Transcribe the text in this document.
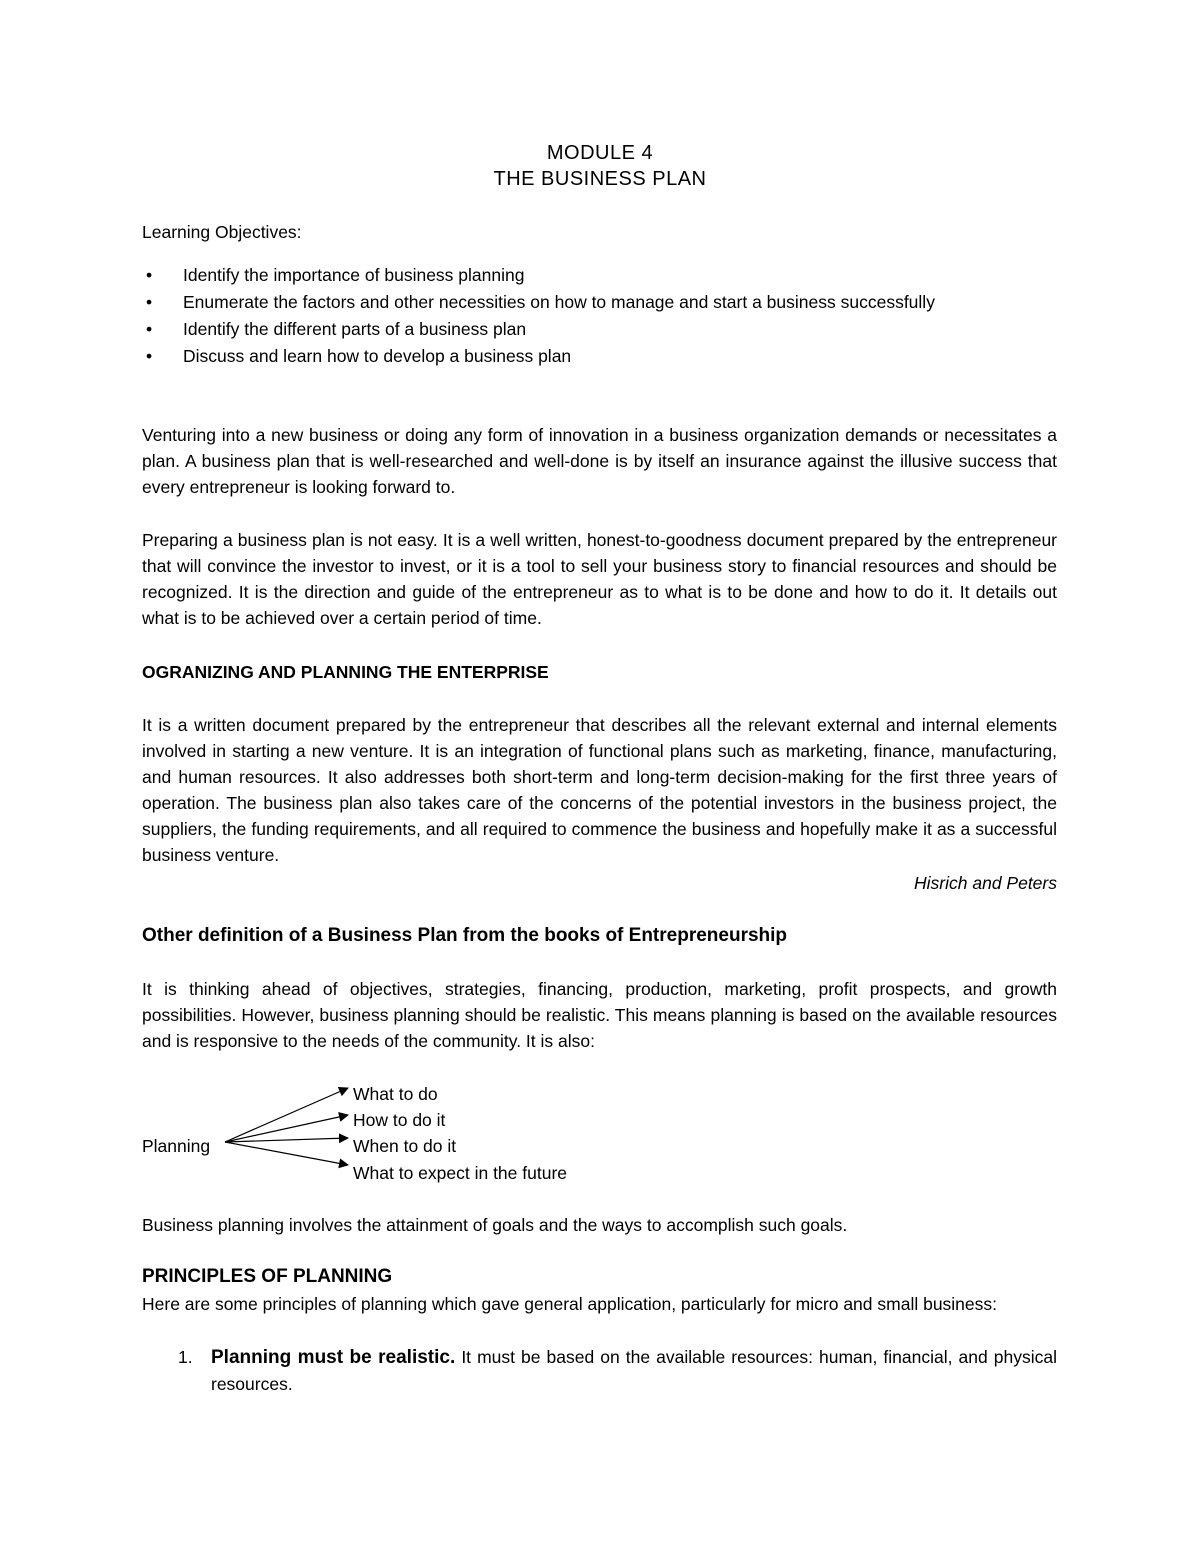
MODULE 4
THE BUSINESS PLAN
Learning Objectives:
• Identify the importance of business planning
• Enumerate the factors and other necessities on how to manage and start a business successfully
• Identify the different parts of a business plan
• Discuss and learn how to develop a business plan

Venturing into a new business or doing any form of innovation in a business organization demands or necessitates a plan. A business plan that is well-researched and well-done is by itself an insurance against the illusive success that every entrepreneur is looking forward to.

Preparing a business plan is not easy. It is a well written, honest-to-goodness document prepared by the entrepreneur that will convince the investor to invest, or it is a tool to sell your business story to financial resources and should be recognized. It is the direction and guide of the entrepreneur as to what is to be done and how to do it. It details out what is to be achieved over a certain period of time.

OGRANIZING AND PLANNING THE ENTERPRISE

It is a written document prepared by the entrepreneur that describes all the relevant external and internal elements involved in starting a new venture. It is an integration of functional plans such as marketing, finance, manufacturing, and human resources. It also addresses both short-term and long-term decision-making for the first three years of operation. The business plan also takes care of the concerns of the potential investors in the business project, the suppliers, the funding requirements, and all required to commence the business and hopefully make it as a successful business venture.

Hisrich and Peters
Other definition of a Business Plan from the books of Entrepreneurship

It is thinking ahead of objectives, strategies, financing, production, marketing, profit prospects, and growth possibilities. However, business planning should be realistic. This means planning is based on the available resources and is responsive to the needs of the community. It is also:

Planning
What to do
How to do it
When to do it
What to expect in the future

Business planning involves the attainment of goals and the ways to accomplish such goals.

PRINCIPLES OF PLANNING

Here are some principles of planning which gave general application, particularly for micro and small business:

1. Planning must be realistic. It must be based on the available resources: human, financial, and physical resources.
